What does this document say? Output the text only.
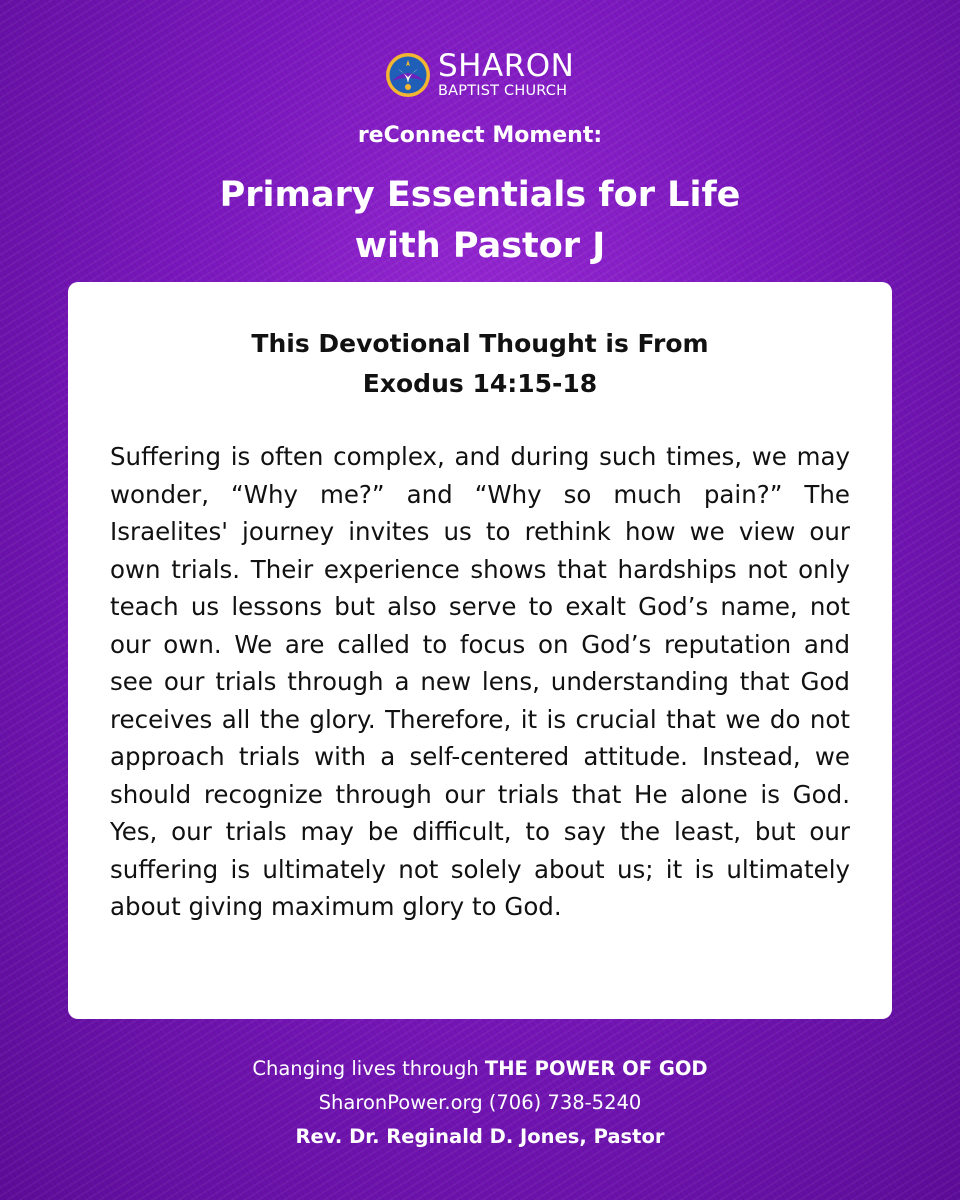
SHARON
BAPTIST CHURCH
reConnect Moment:
Primary Essentials for Life
with Pastor J
This Devotional Thought is From
Exodus 14:15-18
Suffering is often complex, and during such times, we may wonder, “Why me?” and “Why so much pain?” The Israelites' journey invites us to rethink how we view our own trials. Their experience shows that hardships not only teach us lessons but also serve to exalt God’s name, not our own. We are called to focus on God’s reputation and see our trials through a new lens, understanding that God receives all the glory. Therefore, it is crucial that we do not approach trials with a self-centered attitude. Instead, we should recognize through our trials that He alone is God. Yes, our trials may be difficult, to say the least, but our suffering is ultimately not solely about us; it is ultimately about giving maximum glory to God.
Changing lives through THE POWER OF GOD
SharonPower.org (706) 738-5240
Rev. Dr. Reginald D. Jones, Pastor
